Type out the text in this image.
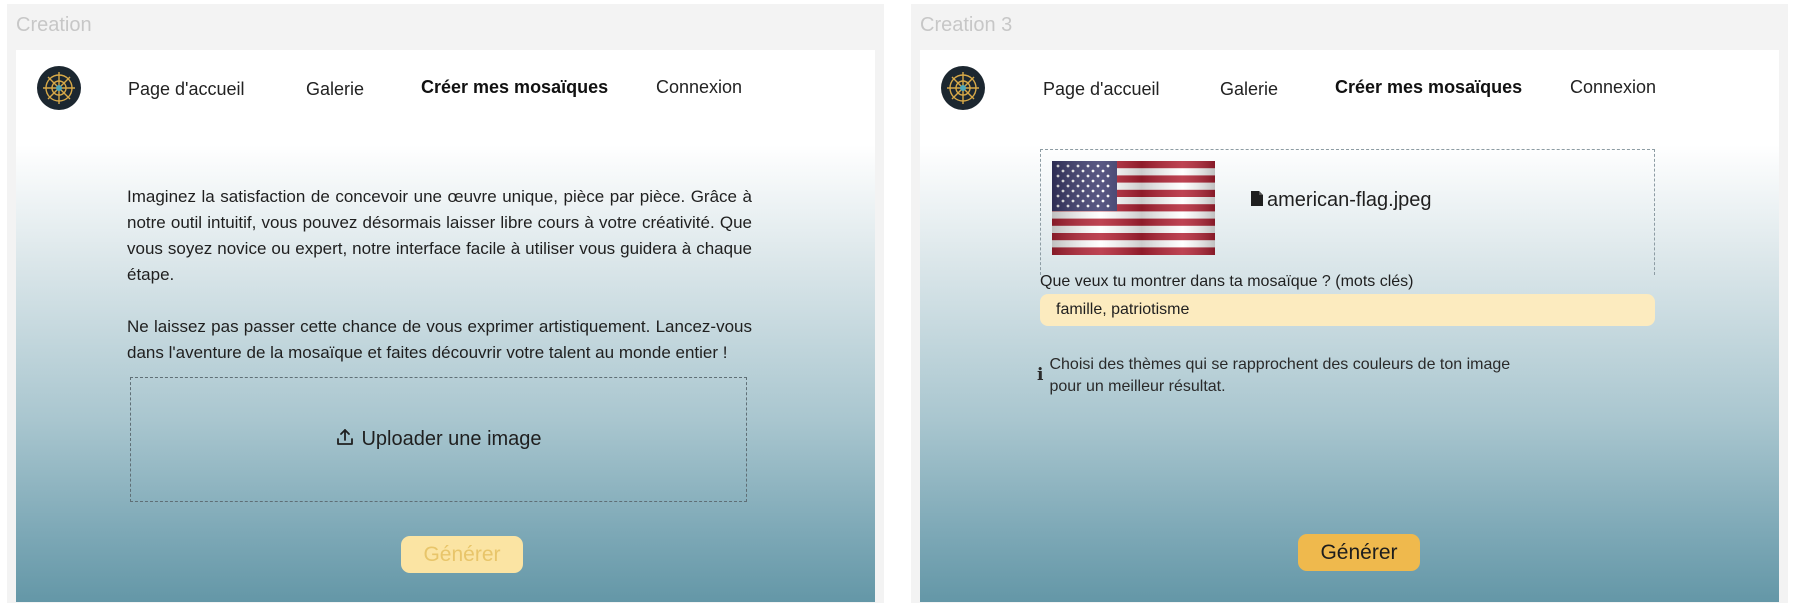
Creation
Page d'accueil	Galerie	Créer mes mosaïques	Connexion

Imaginez la satisfaction de concevoir une œuvre unique, pièce par pièce. Grâce à notre outil intuitif, vous pouvez désormais laisser libre cours à votre créativité. Que vous soyez novice ou expert, notre interface facile à utiliser vous guidera à chaque étape.

Ne laissez pas passer cette chance de vous exprimer artistiquement. Lancez-vous dans l'aventure de la mosaïque et faites découvrir votre talent au monde entier !

Uploader une image
Générer
Creation 3
Page d'accueil	Galerie	Créer mes mosaïques	Connexion
american-flag.jpeg
Que veux tu montrer dans ta mosaïque ? (mots clés)
famille, patriotisme
i
Choisi des thèmes qui se rapprochent des couleurs de ton image
pour un meilleur résultat.
Générer
